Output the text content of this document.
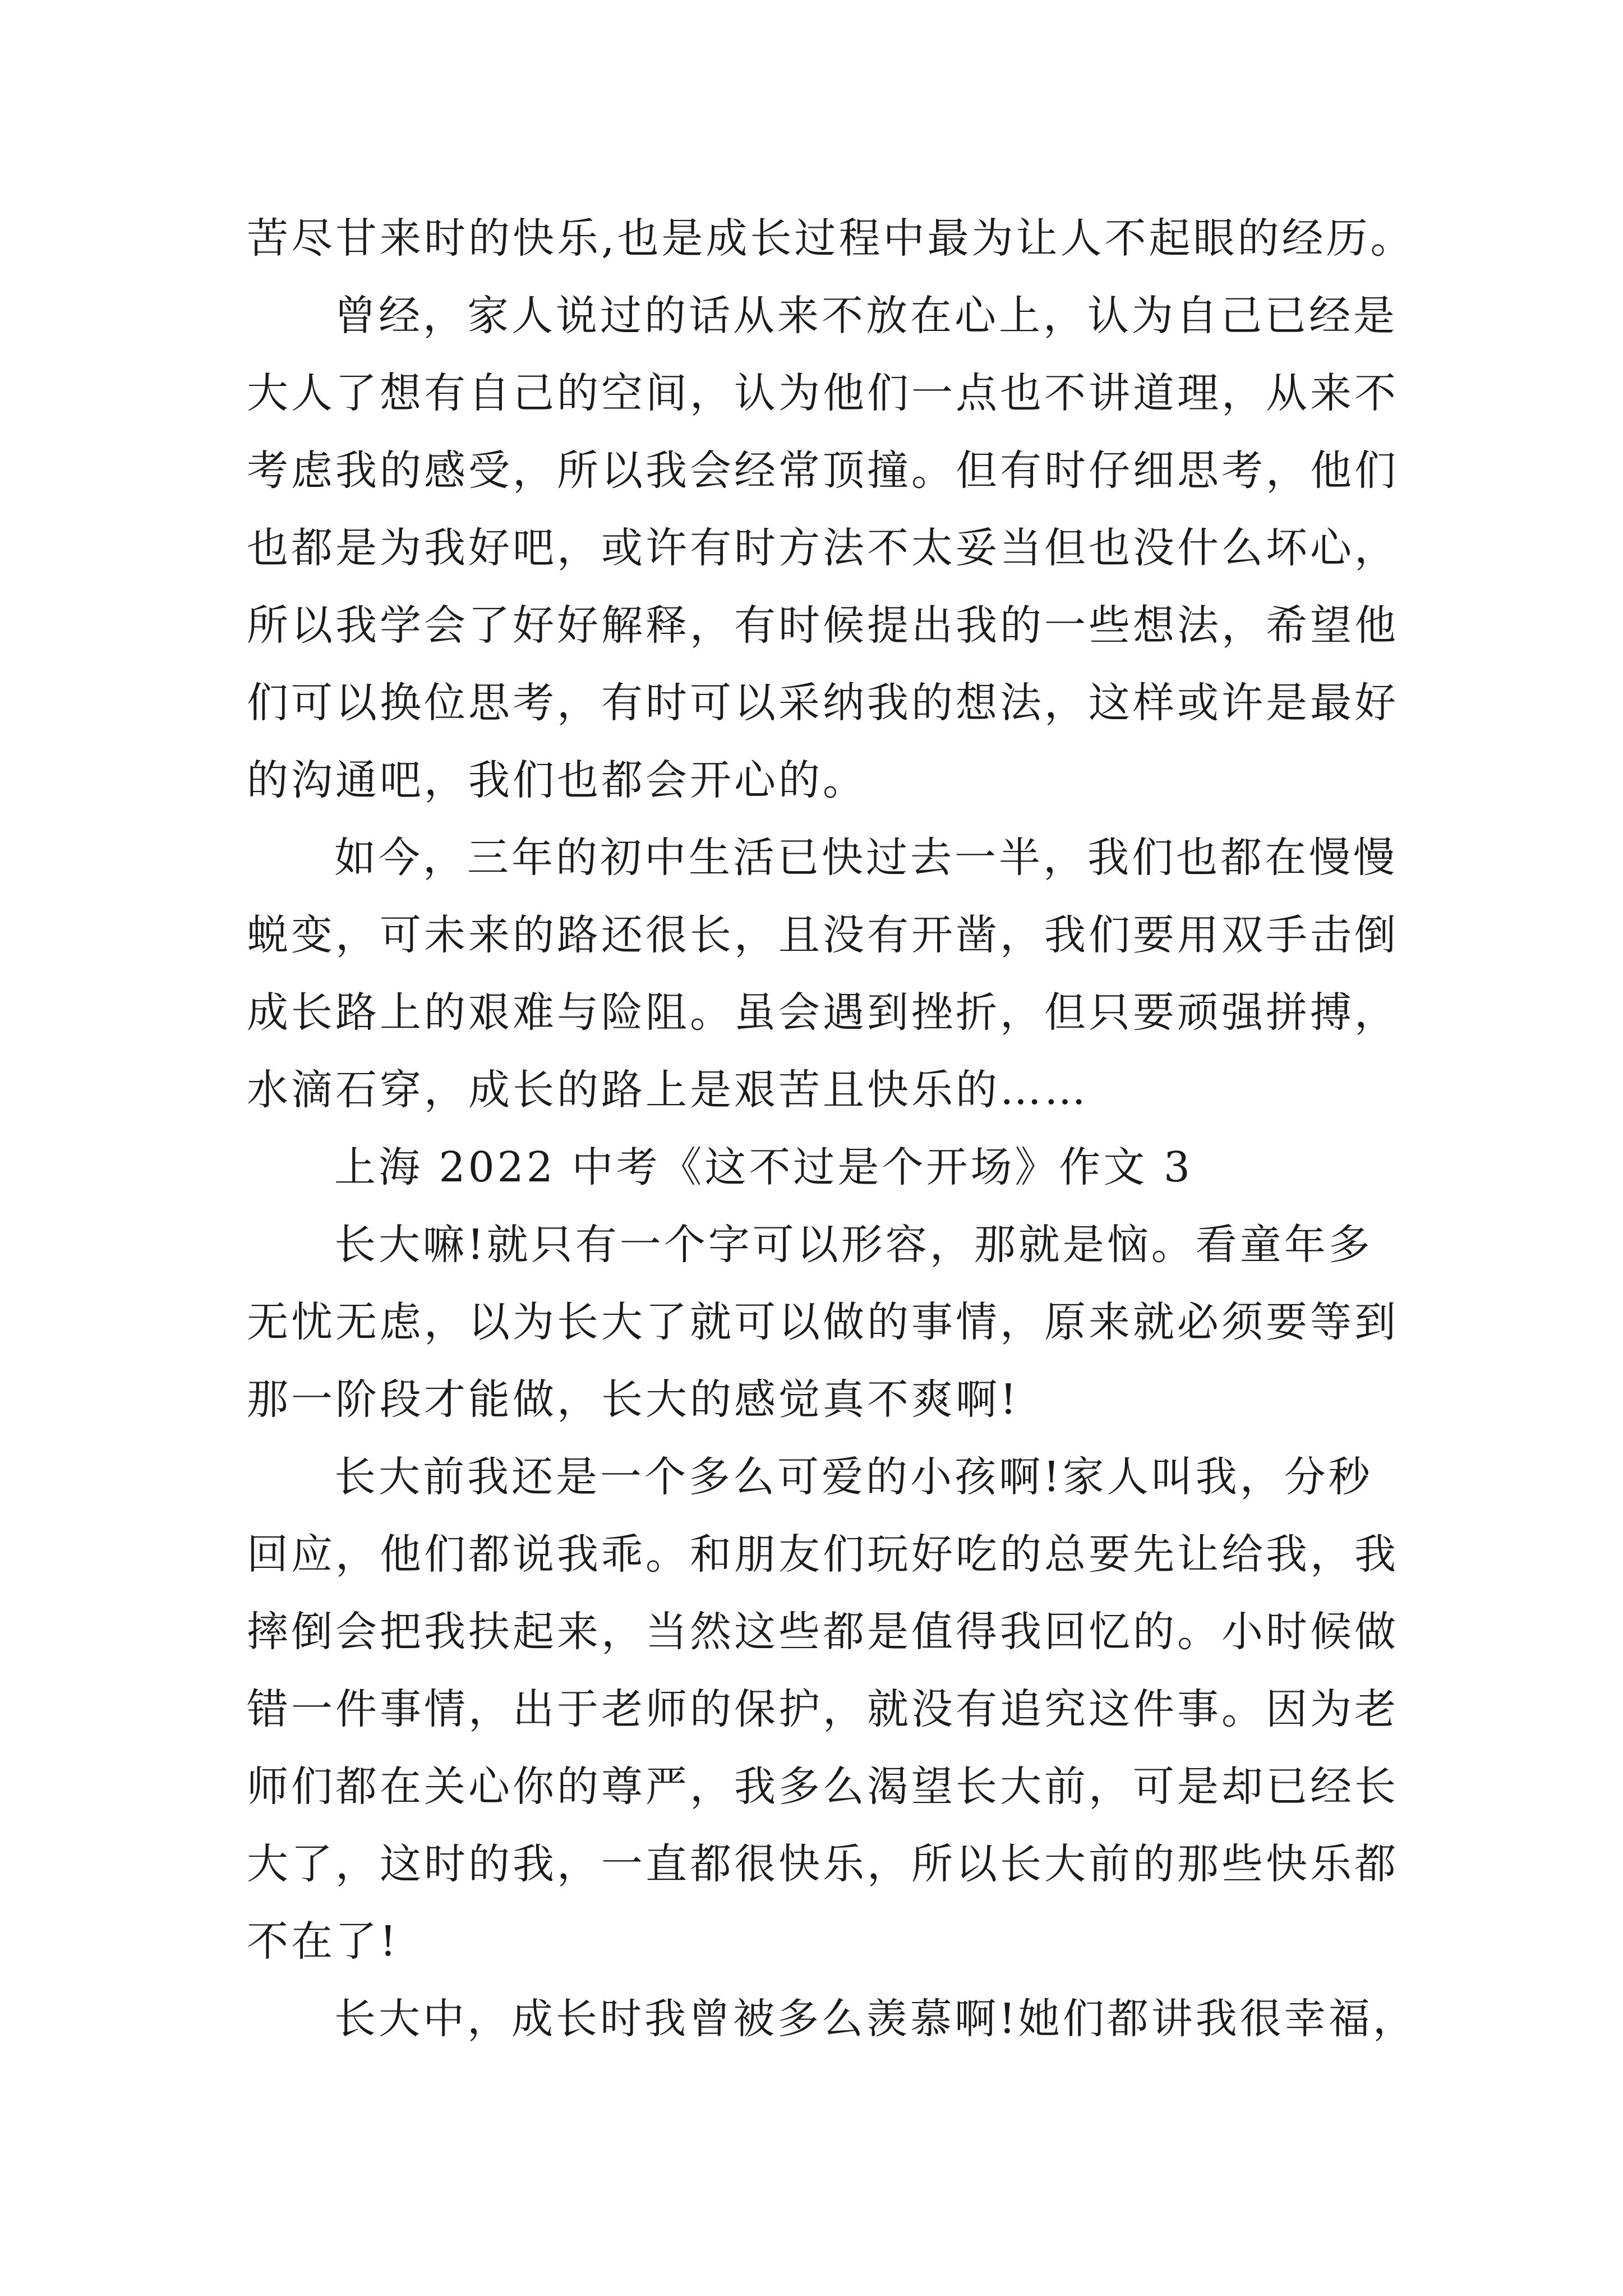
苦尽甘来时的快乐,也是成长过程中最为让人不起眼的经历。
曾经，家人说过的话从来不放在心上，认为自己已经是
大人了想有自己的空间，认为他们一点也不讲道理，从来不
考虑我的感受，所以我会经常顶撞。但有时仔细思考，他们
也都是为我好吧，或许有时方法不太妥当但也没什么坏心，
所以我学会了好好解释，有时候提出我的一些想法，希望他
们可以换位思考，有时可以采纳我的想法，这样或许是最好
的沟通吧，我们也都会开心的。
如今，三年的初中生活已快过去一半，我们也都在慢慢
蜕变，可未来的路还很长，且没有开凿，我们要用双手击倒
成长路上的艰难与险阻。虽会遇到挫折，但只要顽强拼搏，
水滴石穿，成长的路上是艰苦且快乐的……
上海 2022 中考《这不过是个开场》作文 3
长大嘛!就只有一个字可以形容，那就是恼。看童年多
无忧无虑，以为长大了就可以做的事情，原来就必须要等到
那一阶段才能做，长大的感觉真不爽啊!
长大前我还是一个多么可爱的小孩啊!家人叫我，分秒
回应，他们都说我乖。和朋友们玩好吃的总要先让给我，我
摔倒会把我扶起来，当然这些都是值得我回忆的。小时候做
错一件事情，出于老师的保护，就没有追究这件事。因为老
师们都在关心你的尊严，我多么渴望长大前，可是却已经长
大了，这时的我，一直都很快乐，所以长大前的那些快乐都
不在了!
长大中，成长时我曾被多么羡慕啊!她们都讲我很幸福，
